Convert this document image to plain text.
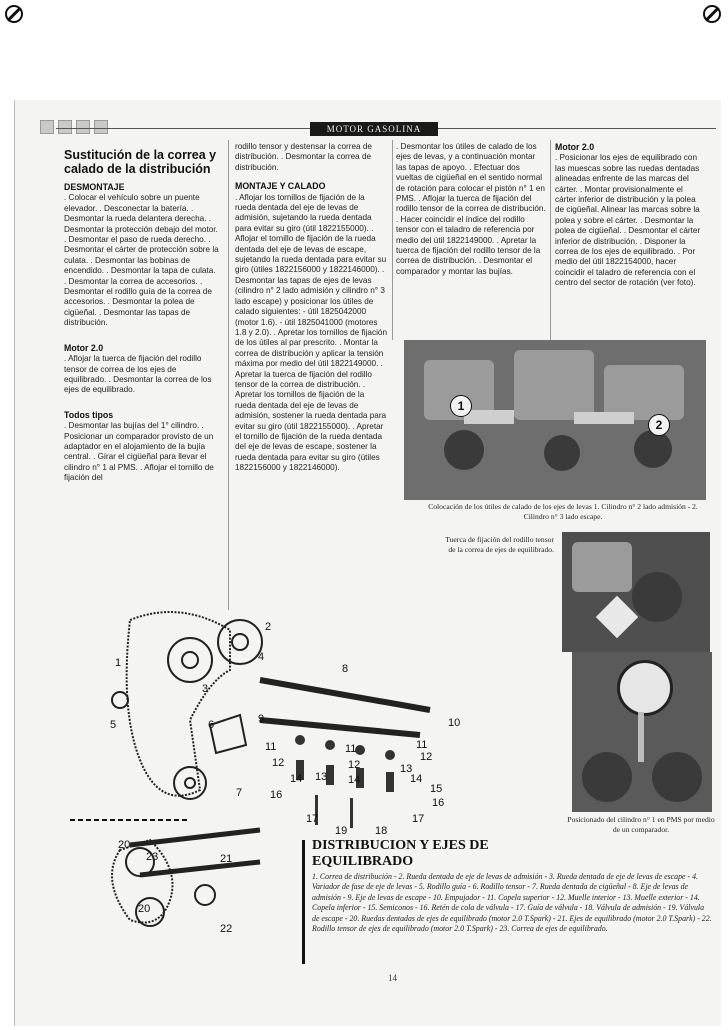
MOTOR GASOLINA

Sustitución de la correa y calado de la distribución

DESMONTAJE

. Colocar el vehículo sobre un puente elevador. . Desconectar la batería. . Desmontar la rueda delantera derecha. . Desmontar la protección debajo del motor. . Desmontar el paso de rueda derecho. . Desmontar el cárter de protección sobre la culata. . Desmontar las bobinas de encendido. . Desmontar la tapa de culata. . Desmontar la correa de accesorios. . Desmontar el rodillo guía de la correa de accesorios. . Desmontar la polea de cigüeñal. . Desmontar las tapas de distribución.

Motor 2.0

. Aflojar la tuerca de fijación del rodillo tensor de correa de los ejes de equilibrado. . Desmontar la correa de los ejes de equilibrado.

Todos tipos

. Desmontar las bujías del 1° cilindro. . Posicionar un comparador provisto de un adaptador en el alojamiento de la bujía central. . Girar el cigüeñal para llevar el cilindro n° 1 al PMS. . Aflojar el tornillo de fijación del

rodillo tensor y destensar la correa de distribución. . Desmontar la correa de distribución.

MONTAJE Y CALADO

. Aflojar los tornillos de fijación de la rueda dentada del eje de levas de admisión, sujetando la rueda dentada para evitar su giro (útil 1822155000). . Aflojar el tornillo de fijación de la rueda dentada del eje de levas de escape, sujetando la rueda dentada para evitar su giro (útiles 1822156000 y 1822146000). . Desmontar las tapas de ejes de levas (cilindro n° 2 lado admisión y cilindro n° 3 lado escape) y posicionar los útiles de calado siguientes: - útil 1825042000 (motor 1.6). - útil 1825041000 (motores 1.8 y 2.0). . Apretar los tornillos de fijación de los útiles al par prescrito. . Montar la correa de distribución y aplicar la tensión máxima por medio del útil 1822149000. . Apretar la tuerca de fijación del rodillo tensor de la correa de distribución. . Apretar los tornillos de fijación de la rueda dentada del eje de levas de admisión, sostener la rueda dentada para evitar su giro (útil 1822155000). . Apretar el tornillo de fijación de la rueda dentada del eje de levas de escape, sostener la rueda dentada para evitar su giro (útiles 1822156000 y 1822146000).

. Desmontar los útiles de calado de los ejes de levas, y a continuación montar las tapas de apoyo. . Efectuar dos vueltas de cigüeñal en el sentido normal de rotación para colocar el pistón n° 1 en PMS. . Aflojar la tuerca de fijación del rodillo tensor de la correa de distribución. . Hacer coincidir el índice del rodillo tensor con el taladro de referencia por medio del útil 1822149000. . Apretar la tuerca de fijación del rodillo tensor de la correa de distribución. . Desmontar el comparador y montar las bujías.

Motor 2.0

. Posicionar los ejes de equilibrado con las muescas sobre las ruedas dentadas alineadas enfrente de las marcas del cárter. . Montar provisionalmente el cárter inferior de distribución y la polea de cigüeñal. Alinear las marcas sobre la polea y sobre el cárter. . Desmontar la polea de cigüeñal. . Desmontar el cárter inferior de distribución. . Disponer la correa de los ejes de equilibrado. . Por medio del útil 1822154000, hacer coincidir el taladro de referencia con el centro del sector de rotación (ver foto).

1
2
Colocación de los útiles de calado de los ejes de levas 1. Cilindro n° 2 lado admisión - 2. Cilindro n° 3 lado escape.
Tuerca de fijación del rodillo tensor de la correa de ejes de equilibrado.
Posicionado del cilindro n° 1 en PMS por medio de un comparador.
1
2
3
4
5	6
7
8
9	10
11	11	11
12	12
12
13
13
14	14	14
15
16
16
17	17
18
19
20
20
21
22
23
DISTRIBUCION Y EJES DE
EQUILIBRADO
1. Correa de distribución - 2. Rueda dentada de eje de levas de admisión - 3. Rueda dentada de eje de levas de escape - 4. Variador de fase de eje de levas - 5. Rodillo guía - 6. Rodillo tensor - 7. Rueda dentada de cigüeñal - 8. Eje de levas de admisión - 9. Eje de levas de escape - 10. Empujador - 11. Copela superior - 12. Muelle interior - 13. Muelle exterior - 14. Copela inferior - 15. Semiconos - 16. Retén de cola de válvula - 17. Guía de válvula - 18. Válvula de admisión - 19. Válvula de escape - 20. Ruedas dentadas de ejes de equilibrado (motor 2.0 T.Spark) - 21. Ejes de equilibrado (motor 2.0 T.Spark) - 22. Rodillo tensor de ejes de equilibrado (motor 2.0 T.Spark) - 23. Correa de ejes de equilibrado.
14
